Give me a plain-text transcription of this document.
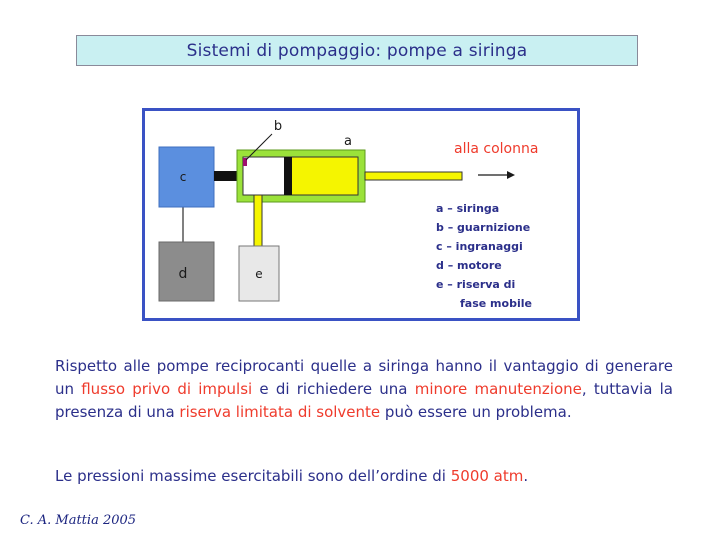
Sistemi di pompaggio: pompe a siringa
c
d	e
a
b
alla colonna
a – siringa
b – guarnizione
c – ingranaggi
d – motore
e – riserva di
fase mobile

Rispetto alle pompe reciprocanti quelle a siringa hanno il vantaggio di generare un flusso privo di impulsi e di richiedere una minore manutenzione, tuttavia la presenza di una riserva limitata di solvente può essere un problema.

Le pressioni massime esercitabili sono dell’ordine di 5000 atm.

C. A. Mattia 2005
